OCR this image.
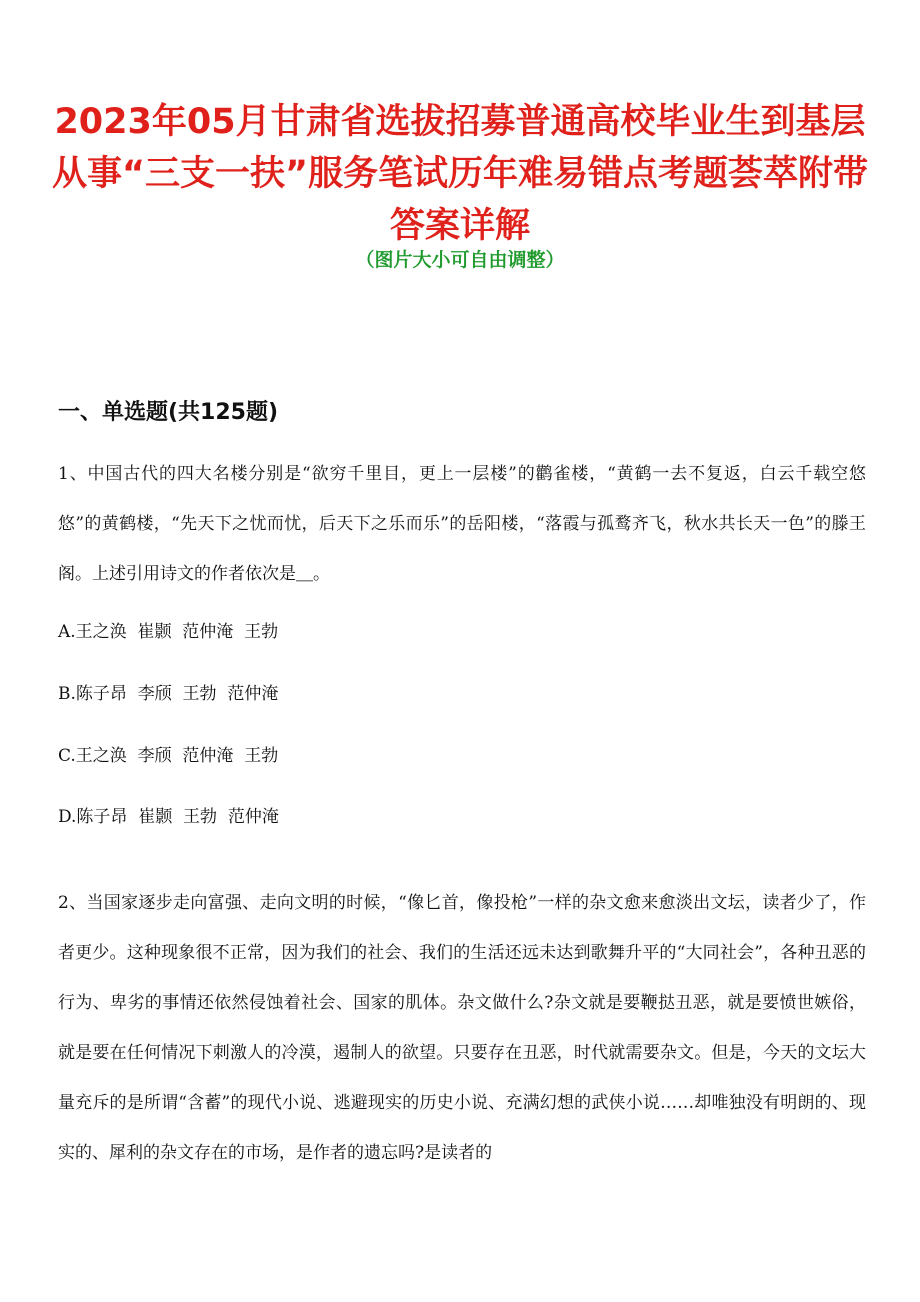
2023年05月甘肃省选拔招募普通高校毕业生到基层从事“三支一扶”服务笔试历年难易错点考题荟萃附带答案详解
（图片大小可自由调整）
一、单选题(共125题)

1、中国古代的四大名楼分别是“欲穷千里目，更上一层楼”的鹳雀楼，“黄鹤一去不复返，白云千载空悠悠”的黄鹤楼，“先天下之忧而忧，后天下之乐而乐”的岳阳楼，“落霞与孤鹜齐飞，秋水共长天一色”的滕王阁。上述引用诗文的作者依次是＿。

A.王之涣  崔颢  范仲淹  王勃

B.陈子昂  李颀  王勃  范仲淹

C.王之涣  李颀  范仲淹  王勃

D.陈子昂  崔颢  王勃  范仲淹

2、当国家逐步走向富强、走向文明的时候，“像匕首，像投枪”一样的杂文愈来愈淡出文坛，读者少了，作者更少。这种现象很不正常，因为我们的社会、我们的生活还远未达到歌舞升平的“大同社会”，各种丑恶的行为、卑劣的事情还依然侵蚀着社会、国家的肌体。杂文做什么?杂文就是要鞭挞丑恶，就是要愤世嫉俗，就是要在任何情况下刺激人的冷漠，遏制人的欲望。只要存在丑恶，时代就需要杂文。但是，今天的文坛大量充斥的是所谓“含蓄”的现代小说、逃避现实的历史小说、充满幻想的武侠小说……却唯独没有明朗的、现实的、犀利的杂文存在的市场，是作者的遗忘吗?是读者的
